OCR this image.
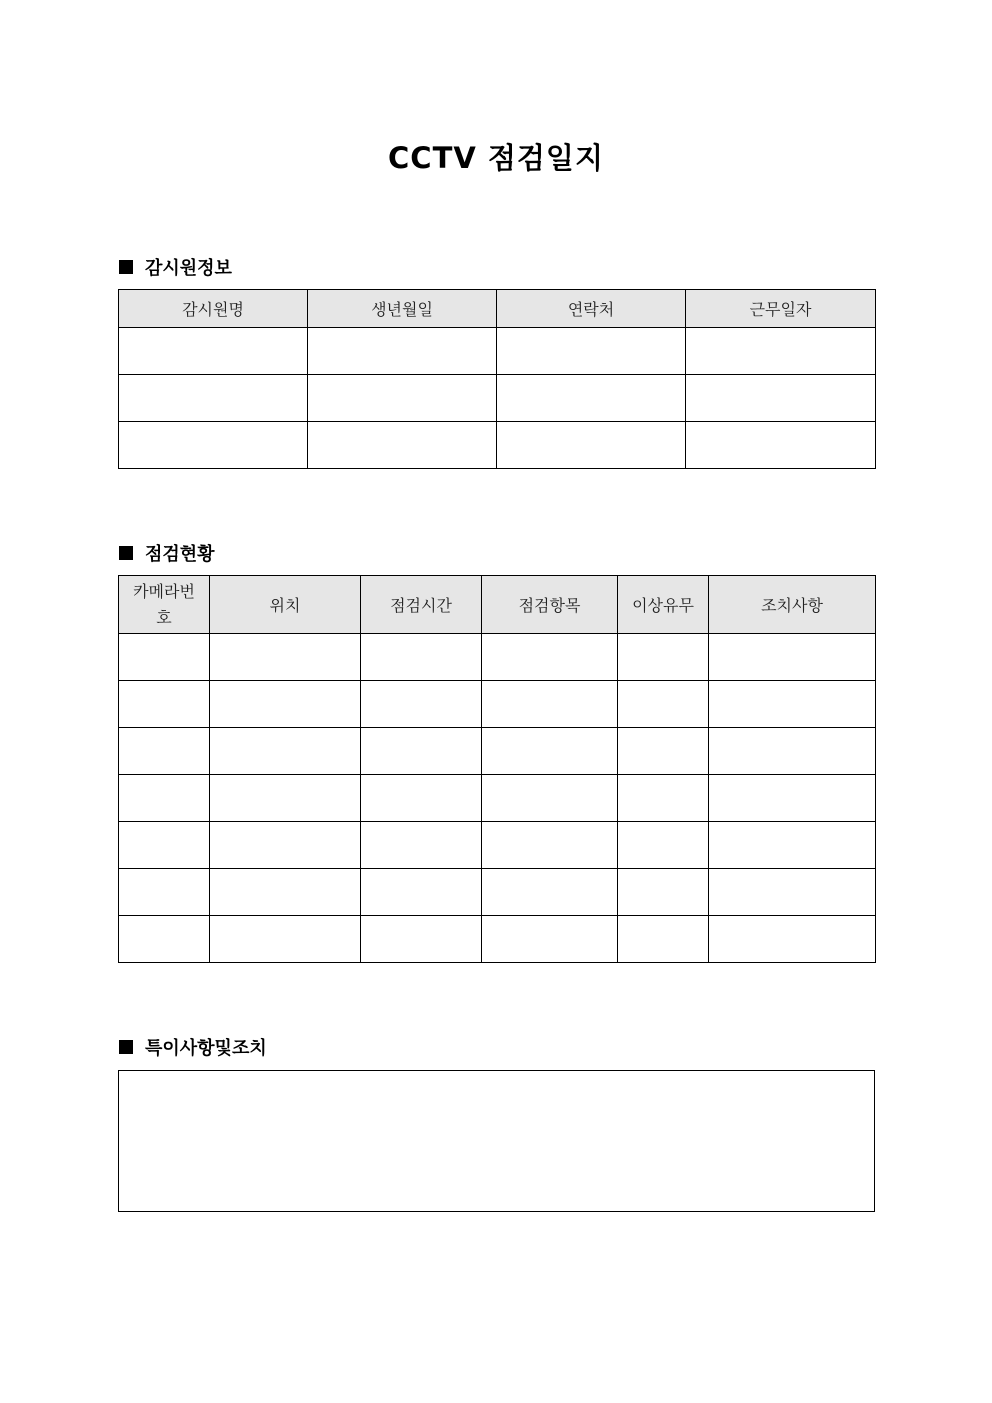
CCTV 점검일지
감시원정보
감시원명	생년월일	연락처	근무일자

점검현황
카메라번호	위치	점검시간	점검항목	이상유무	조치사항

특이사항및조치
